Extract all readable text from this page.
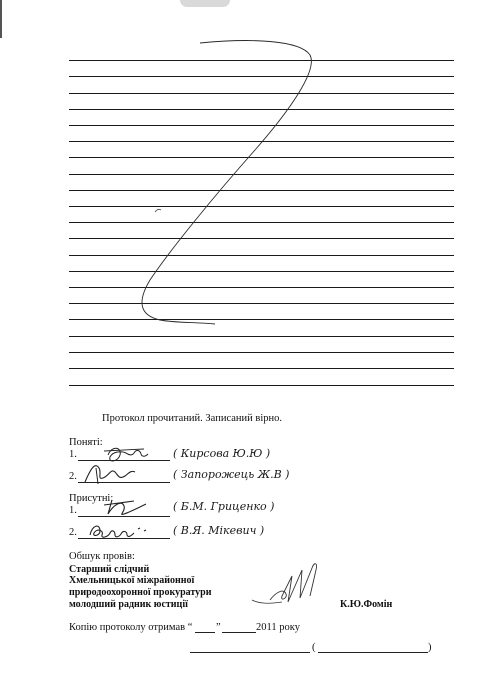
Протокол прочитаний. Записаний вірно.
Поняті:
1.	( Кирсова Ю.Ю )
2.	( Запорожець Ж.В )
Присутні:
1.	( Б.М. Гриценко )
2.	( В.Я. Мікевич )
Обшук провів:
Старший слідчий
Хмельницької міжрайонної
природоохоронної прокуратури
молодший радник юстиції	К.Ю.Фомін
Копію протоколу отримав “ ”	2011 року
(	)
